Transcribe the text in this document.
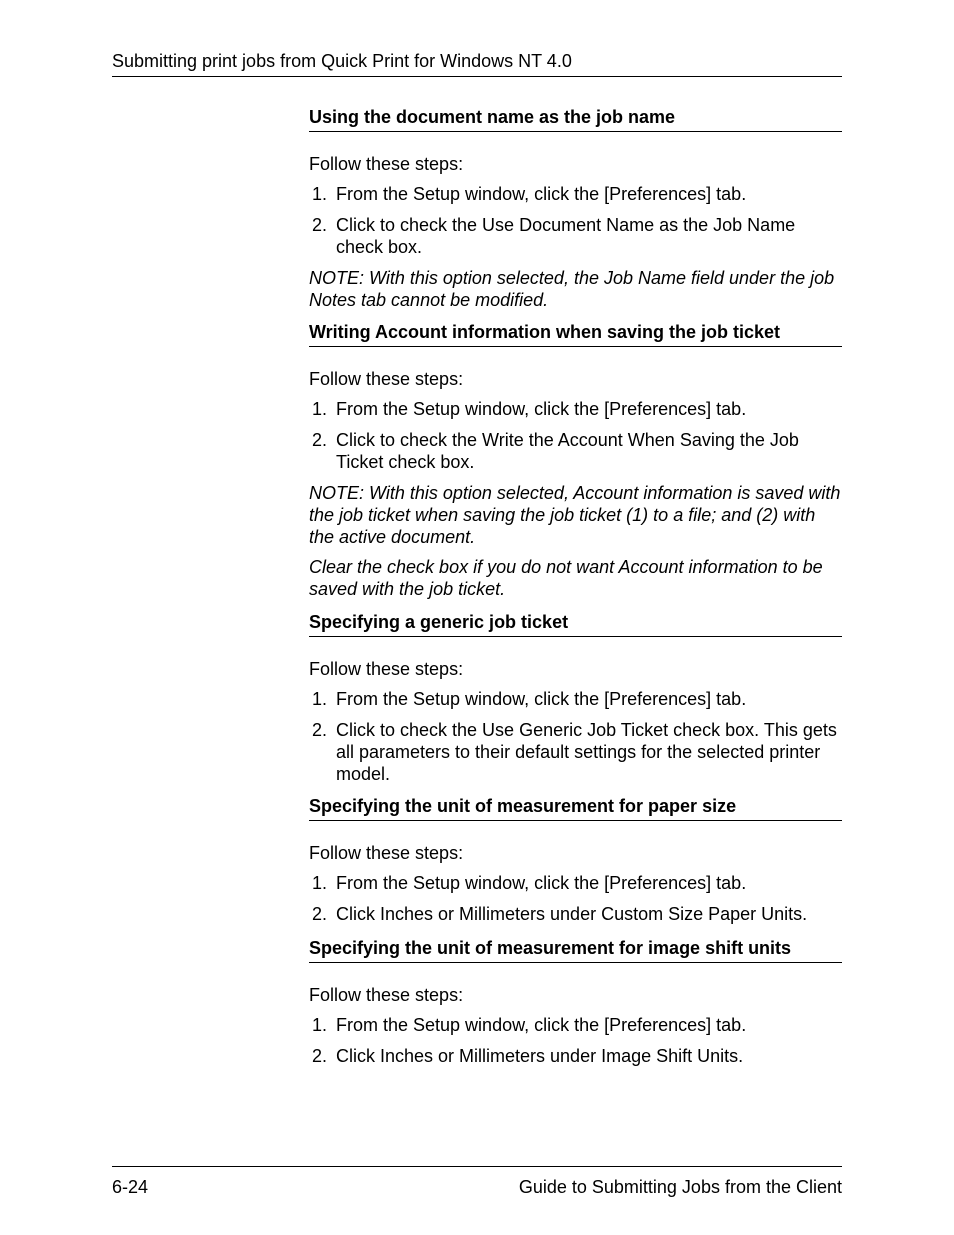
Submitting print jobs from Quick Print for Windows NT 4.0
Using the document name as the job name
Follow these steps:
1. From the Setup window, click the [Preferences] tab.
2. Click to check the Use Document Name as the Job Name check box.
NOTE: With this option selected, the Job Name field under the job Notes tab cannot be modified.
Writing Account information when saving the job ticket
Follow these steps:
1. From the Setup window, click the [Preferences] tab.
2. Click to check the Write the Account When Saving the Job Ticket check box.
NOTE: With this option selected, Account information is saved with the job ticket when saving the job ticket (1) to a file; and (2) with the active document.
Clear the check box if you do not want Account information to be saved with the job ticket.
Specifying a generic job ticket
Follow these steps:
1. From the Setup window, click the [Preferences] tab.
2. Click to check the Use Generic Job Ticket check box. This gets all parameters to their default settings for the selected printer model.
Specifying the unit of measurement for paper size
Follow these steps:
1. From the Setup window, click the [Preferences] tab.
2. Click Inches or Millimeters under Custom Size Paper Units.
Specifying the unit of measurement for image shift units
Follow these steps:
1. From the Setup window, click the [Preferences] tab.
2. Click Inches or Millimeters under Image Shift Units.
6-24	Guide to Submitting Jobs from the Client
